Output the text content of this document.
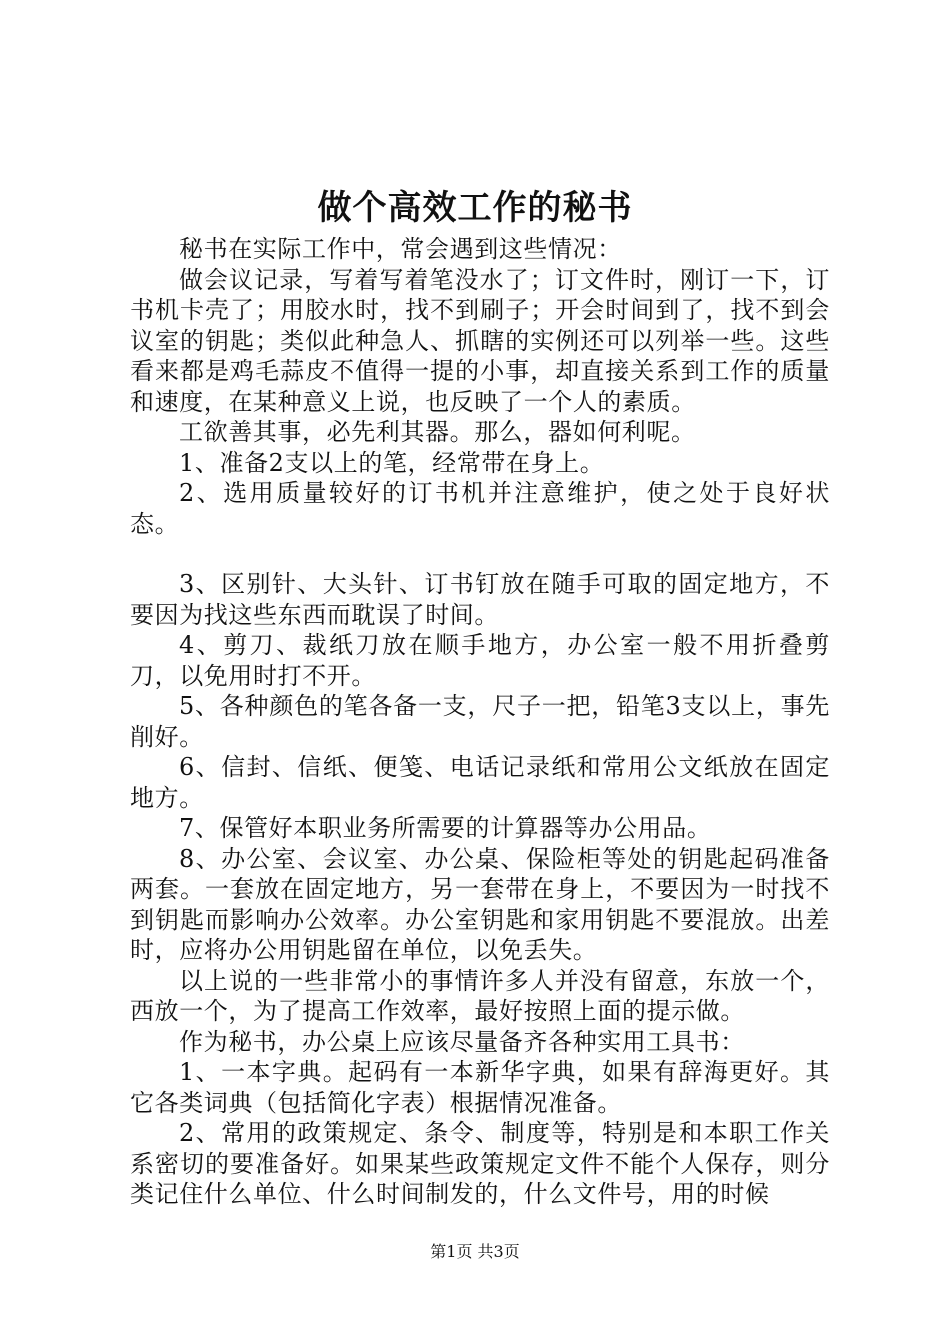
做个高效工作的秘书

秘书在实际工作中，常会遇到这些情况：

做会议记录，写着写着笔没水了；订文件时，刚订一下，订书机卡壳了；用胶水时，找不到刷子；开会时间到了，找不到会议室的钥匙；类似此种急人、抓瞎的实例还可以列举一些。这些看来都是鸡毛蒜皮不值得一提的小事，却直接关系到工作的质量和速度，在某种意义上说，也反映了一个人的素质。

工欲善其事，必先利其器。那么，器如何利呢。

1、准备2支以上的笔，经常带在身上。

2、选用质量较好的订书机并注意维护，使之处于良好状态。

3、区别针、大头针、订书钉放在随手可取的固定地方，不要因为找这些东西而耽误了时间。

4、剪刀、裁纸刀放在顺手地方，办公室一般不用折叠剪刀，以免用时打不开。

5、各种颜色的笔各备一支，尺子一把，铅笔3支以上，事先削好。

6、信封、信纸、便笺、电话记录纸和常用公文纸放在固定地方。

7、保管好本职业务所需要的计算器等办公用品。

8、办公室、会议室、办公桌、保险柜等处的钥匙起码准备两套。一套放在固定地方，另一套带在身上，不要因为一时找不到钥匙而影响办公效率。办公室钥匙和家用钥匙不要混放。出差时，应将办公用钥匙留在单位，以免丢失。

以上说的一些非常小的事情许多人并没有留意，东放一个，西放一个，为了提高工作效率，最好按照上面的提示做。

作为秘书，办公桌上应该尽量备齐各种实用工具书：

1、一本字典。起码有一本新华字典，如果有辞海更好。其它各类词典（包括简化字表）根据情况准备。

2、常用的政策规定、条令、制度等，特别是和本职工作关系密切的要准备好。如果某些政策规定文件不能个人保存，则分类记住什么单位、什么时间制发的，什么文件号，用的时候

第1页 共3页
